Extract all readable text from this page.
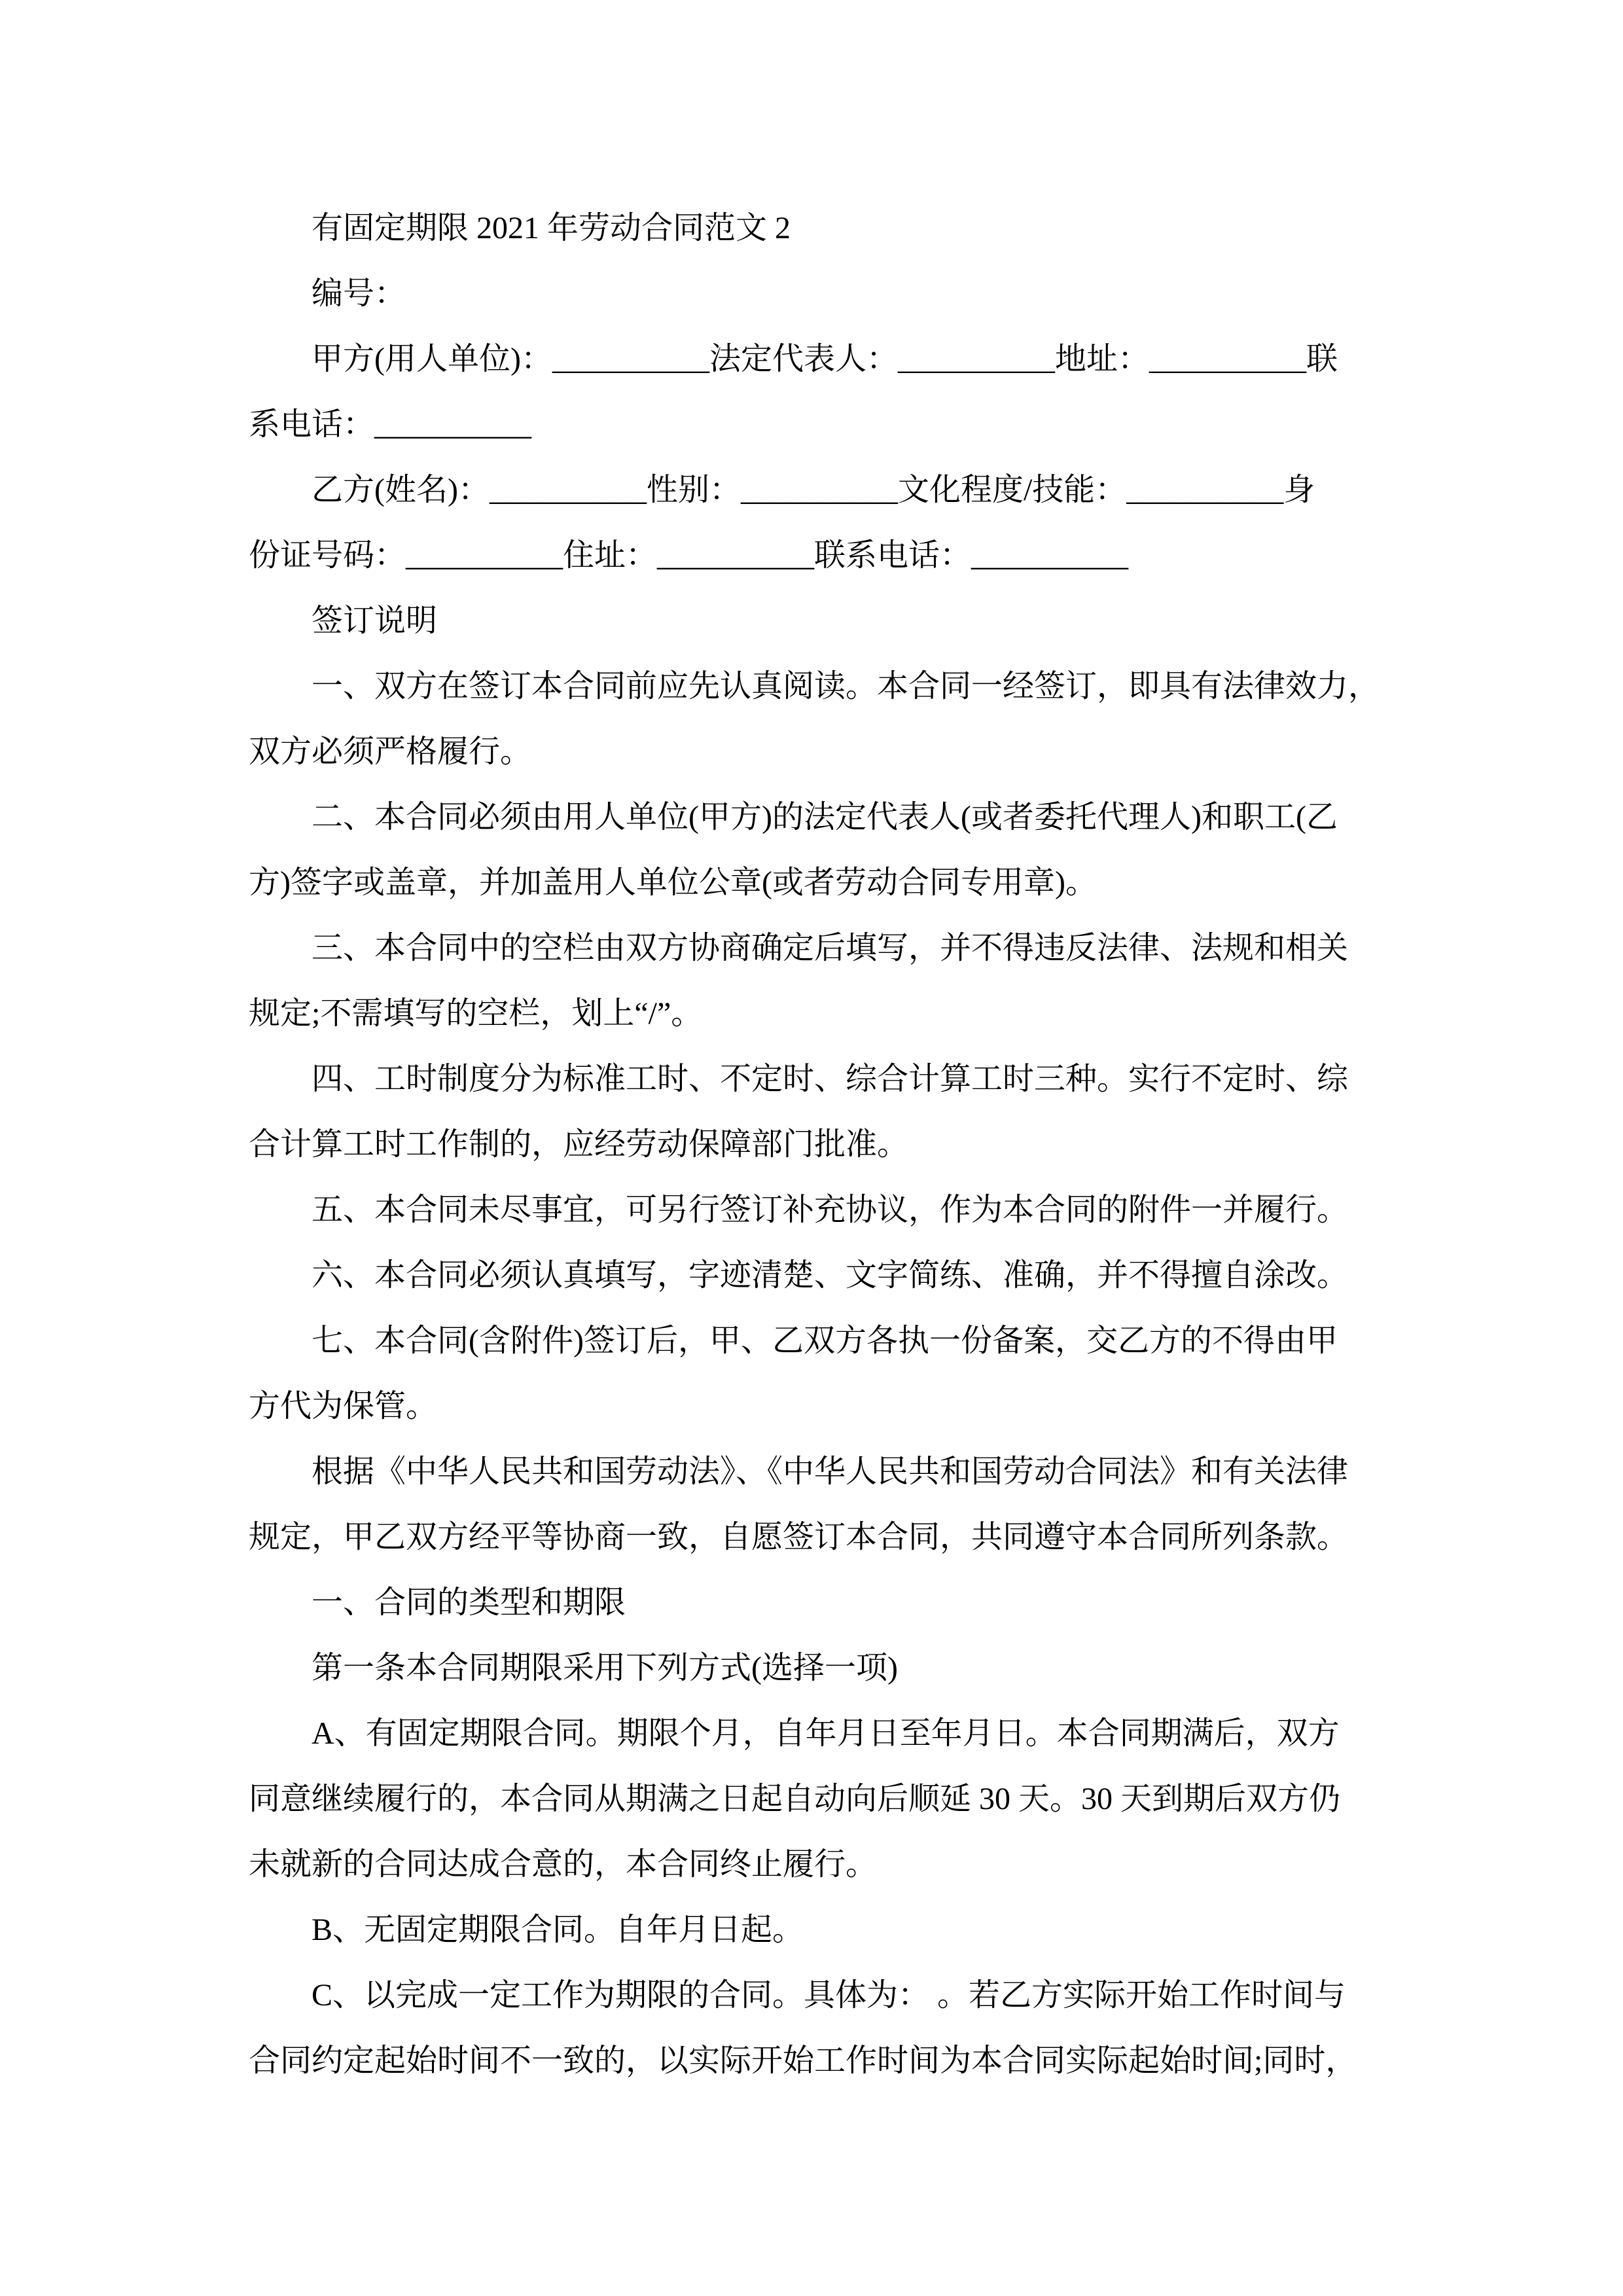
有固定期限 2021 年劳动合同范文 2
编号：
甲方(用人单位)：__________法定代表人：__________地址：__________联
系电话：__________
乙方(姓名)：__________性别：__________文化程度/技能：__________身
份证号码：__________住址：__________联系电话：__________
签订说明
一、双方在签订本合同前应先认真阅读。本合同一经签订，即具有法律效力，
双方必须严格履行。
二、本合同必须由用人单位(甲方)的法定代表人(或者委托代理人)和职工(乙
方)签字或盖章，并加盖用人单位公章(或者劳动合同专用章)。
三、本合同中的空栏由双方协商确定后填写，并不得违反法律、法规和相关
规定;不需填写的空栏，划上“/”。
四、工时制度分为标准工时、不定时、综合计算工时三种。实行不定时、综
合计算工时工作制的，应经劳动保障部门批准。
五、本合同未尽事宜，可另行签订补充协议，作为本合同的附件一并履行。
六、本合同必须认真填写，字迹清楚、文字简练、准确，并不得擅自涂改。
七、本合同(含附件)签订后，甲、乙双方各执一份备案，交乙方的不得由甲
方代为保管。
根据《中华人民共和国劳动法》、《中华人民共和国劳动合同法》和有关法律
规定，甲乙双方经平等协商一致，自愿签订本合同，共同遵守本合同所列条款。
一、合同的类型和期限
第一条本合同期限采用下列方式(选择一项)
A、有固定期限合同。期限个月，自年月日至年月日。本合同期满后，双方
同意继续履行的，本合同从期满之日起自动向后顺延 30 天。30 天到期后双方仍
未就新的合同达成合意的，本合同终止履行。
B、无固定期限合同。自年月日起。
C、以完成一定工作为期限的合同。具体为： 。若乙方实际开始工作时间与
合同约定起始时间不一致的，以实际开始工作时间为本合同实际起始时间;同时，
